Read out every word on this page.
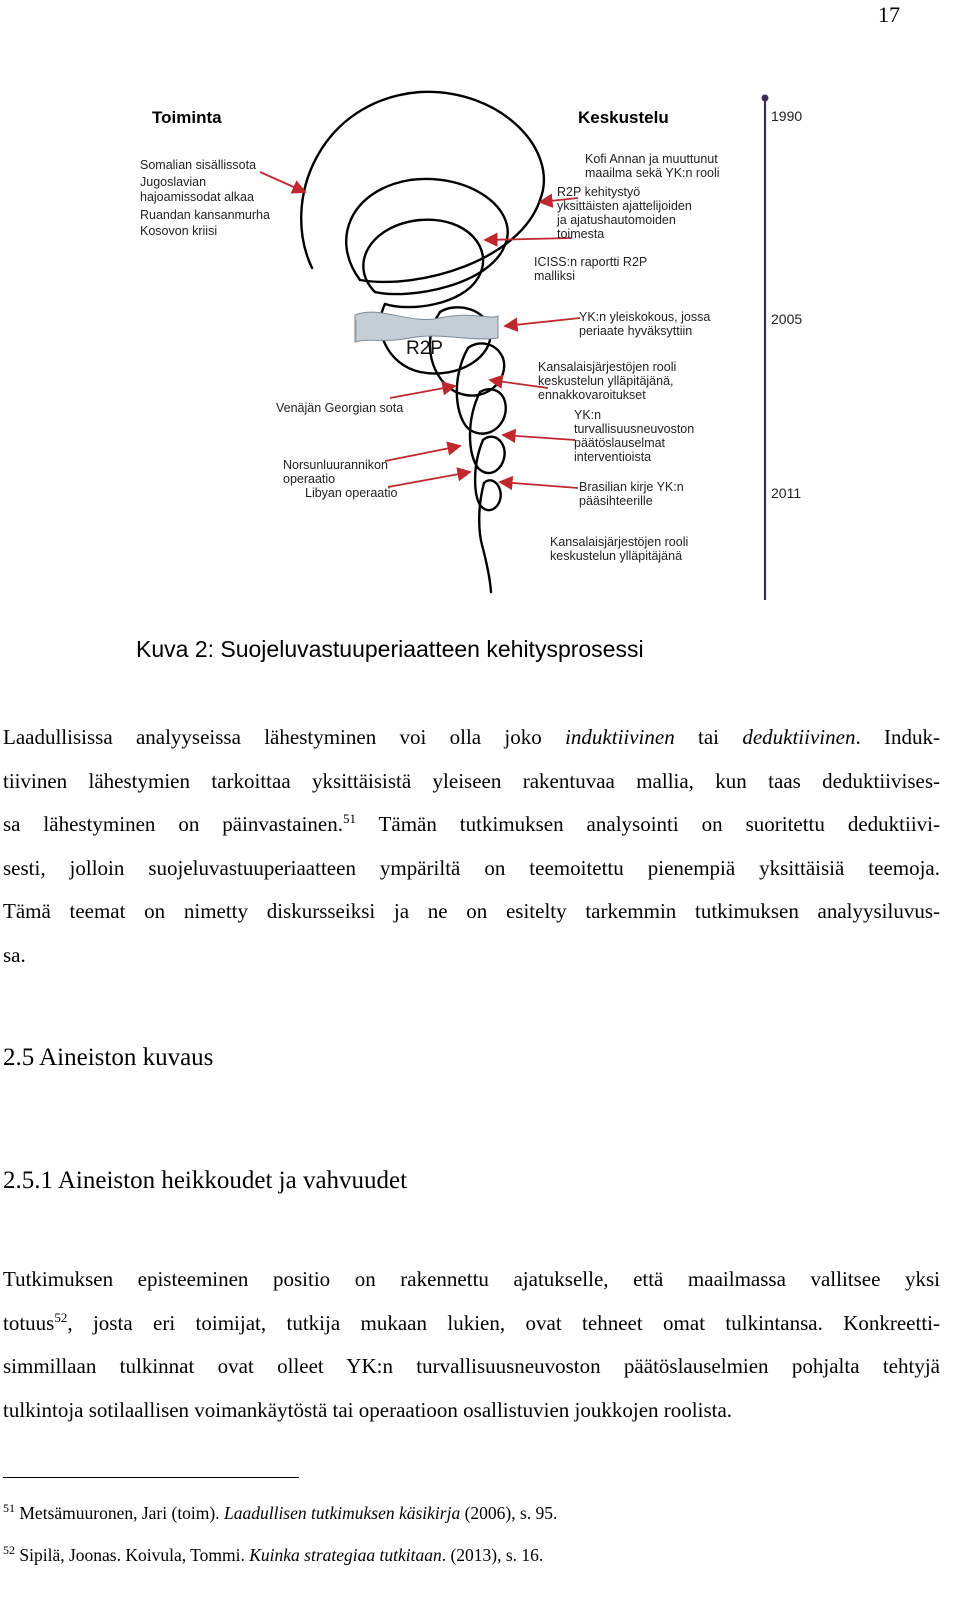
17
Toiminta	Keskustelu	1990
2005
2011
R2P
Somalian sisällissota
Jugoslavian
hajoamissodat alkaa
Ruandan kansanmurha
Kosovon kriisi
Venäjän Georgian sota
Norsunluurannikon
operaatio
Libyan operaatio
Kofi Annan ja muuttunut
maailma sekä YK:n rooli
R2P kehitystyö
yksittäisten ajattelijoiden
ja ajatushautomoiden
toimesta
ICISS:n raportti R2P
malliksi
YK:n yleiskokous, jossa
periaate hyväksyttiin
Kansalaisjärjestöjen rooli
keskustelun ylläpitäjänä,
ennakkovaroitukset
YK:n
turvallisuusneuvoston
päätöslauselmat
interventioista
Brasilian kirje YK:n
pääsihteerille
Kansalaisjärjestöjen rooli
keskustelun ylläpitäjänä
Kuva 2: Suojeluvastuuperiaatteen kehitysprosessi
Laadullisissa analyyseissa lähestyminen voi olla joko induktiivinen tai deduktiivinen. Induk-
tiivinen lähestymien tarkoittaa yksittäisistä yleiseen rakentuvaa mallia, kun taas deduktiivises-
sa lähestyminen on päinvastainen.$^{51}$ Tämän tutkimuksen analysointi on suoritettu deduktiivi-
sesti, jolloin suojeluvastuuperiaatteen ympäriltä on teemoitettu pienempiä yksittäisiä teemoja.
Tämä teemat on nimetty diskursseiksi ja ne on esitelty tarkemmin tutkimuksen analyysiluvus-
sa.
2.5 Aineiston kuvaus
2.5.1 Aineiston heikkoudet ja vahvuudet
Tutkimuksen episteeminen positio on rakennettu ajatukselle, että maailmassa vallitsee yksi
totuus$^{52}$, josta eri toimijat, tutkija mukaan lukien, ovat tehneet omat tulkintansa. Konkreetti-
simmillaan tulkinnat ovat olleet YK:n turvallisuusneuvoston päätöslauselmien pohjalta tehtyjä
tulkintoja sotilaallisen voimankäytöstä tai operaatioon osallistuvien joukkojen roolista.
$^{51}$ Metsämuuronen, Jari (toim). Laadullisen tutkimuksen käsikirja (2006), s. 95.
$^{52}$ Sipilä, Joonas. Koivula, Tommi. Kuinka strategiaa tutkitaan. (2013), s. 16.
